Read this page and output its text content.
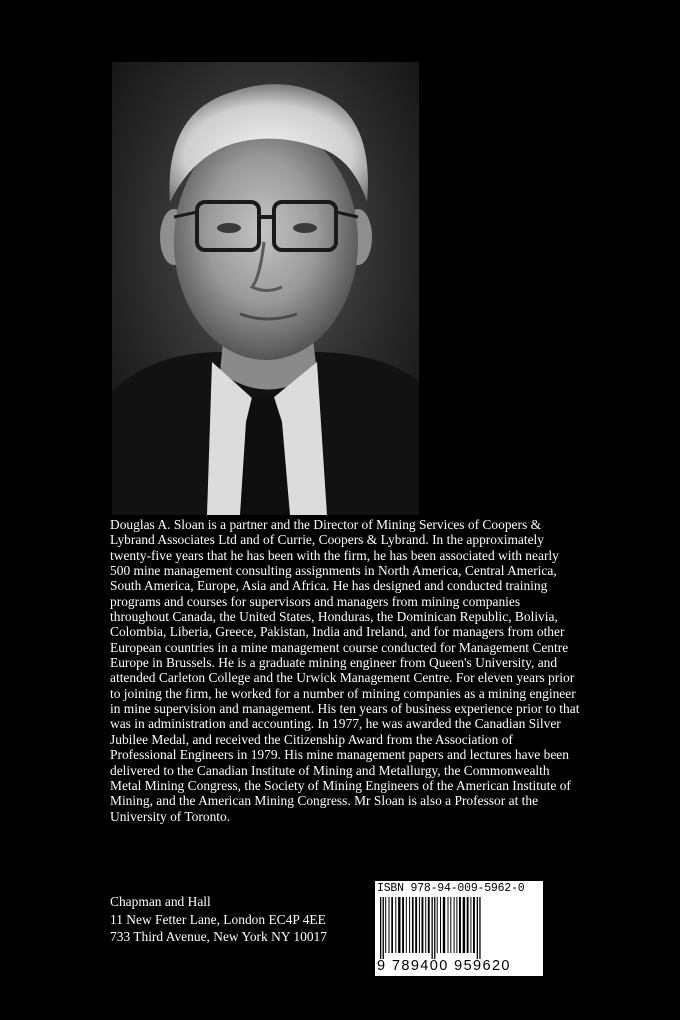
Douglas A. Sloan is a partner and the Director of Mining Services of Coopers & Lybrand Associates Ltd and of Currie, Coopers & Lybrand. In the approximately twenty-five years that he has been with the firm, he has been associated with nearly 500 mine management consulting assignments in North America, Central America, South America, Europe, Asia and Africa. He has designed and conducted training programs and courses for supervisors and managers from mining companies throughout Canada, the United States, Honduras, the Dominican Republic, Bolivia, Colombia, Liberia, Greece, Pakistan, India and Ireland, and for managers from other European countries in a mine management course conducted for Management Centre Europe in Brussels. He is a graduate mining engineer from Queen's University, and attended Carleton College and the Urwick Management Centre. For eleven years prior to joining the firm, he worked for a number of mining companies as a mining engineer in mine supervision and management. His ten years of business experience prior to that was in administration and accounting. In 1977, he was awarded the Canadian Silver Jubilee Medal, and received the Citizenship Award from the Association of Professional Engineers in 1979. His mine management papers and lectures have been delivered to the Canadian Institute of Mining and Metallurgy, the Commonwealth Metal Mining Congress, the Society of Mining Engineers of the American Institute of Mining, and the American Mining Congress. Mr Sloan is also a Professor at the University of Toronto.

Chapman and Hall
11 New Fetter Lane, London EC4P 4EE
733 Third Avenue, New York NY 10017
ISBN 978-94-009-5962-0
9 789400 959620
